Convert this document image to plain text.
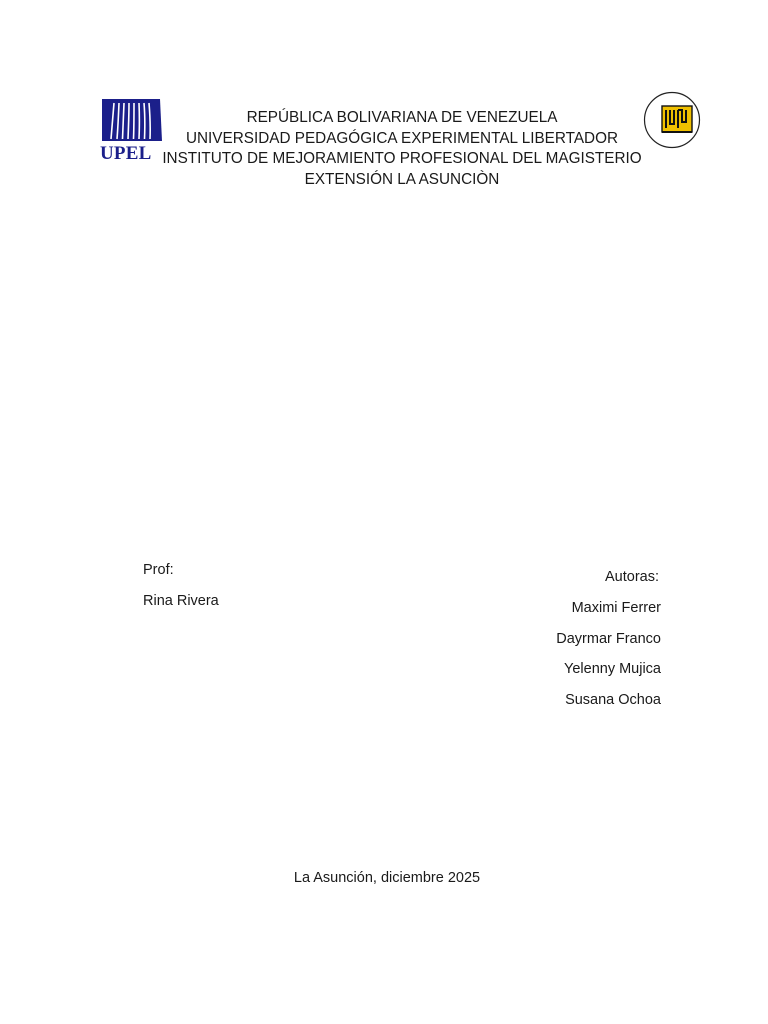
UPEL
REPÚBLICA BOLIVARIANA DE VENEZUELA
UNIVERSIDAD PEDAGÓGICA EXPERIMENTAL LIBERTADOR
INSTITUTO DE MEJORAMIENTO PROFESIONAL DEL MAGISTERIO
EXTENSIÓN LA ASUNCIÒN
Prof:
Rina Rivera
Autoras:
Maximi Ferrer
Dayrmar Franco
Yelenny Mujica
Susana Ochoa
La Asunción, diciembre 2025
